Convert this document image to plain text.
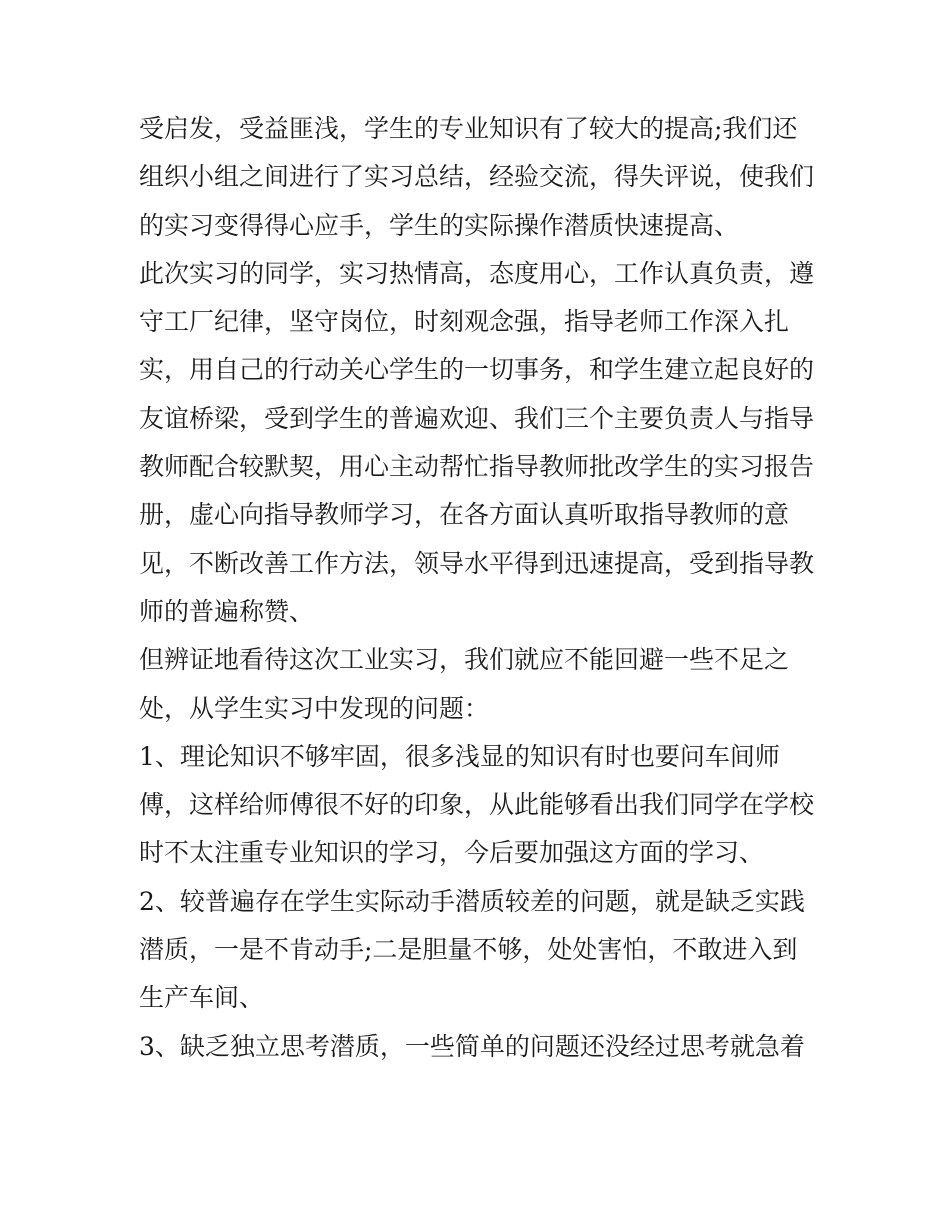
受启发，受益匪浅，学生的专业知识有了较大的提高;我们还
组织小组之间进行了实习总结，经验交流，得失评说，使我们
的实习变得得心应手，学生的实际操作潜质快速提高、
此次实习的同学，实习热情高，态度用心，工作认真负责，遵
守工厂纪律，坚守岗位，时刻观念强，指导老师工作深入扎
实，用自己的行动关心学生的一切事务，和学生建立起良好的
友谊桥梁，受到学生的普遍欢迎、我们三个主要负责人与指导
教师配合较默契，用心主动帮忙指导教师批改学生的实习报告
册，虚心向指导教师学习，在各方面认真听取指导教师的意
见，不断改善工作方法，领导水平得到迅速提高，受到指导教
师的普遍称赞、
但辨证地看待这次工业实习，我们就应不能回避一些不足之
处，从学生实习中发现的问题：
1、理论知识不够牢固，很多浅显的知识有时也要问车间师
傅，这样给师傅很不好的印象，从此能够看出我们同学在学校
时不太注重专业知识的学习，今后要加强这方面的学习、
2、较普遍存在学生实际动手潜质较差的问题，就是缺乏实践
潜质，一是不肯动手;二是胆量不够，处处害怕，不敢进入到
生产车间、
3、缺乏独立思考潜质，一些简单的问题还没经过思考就急着
